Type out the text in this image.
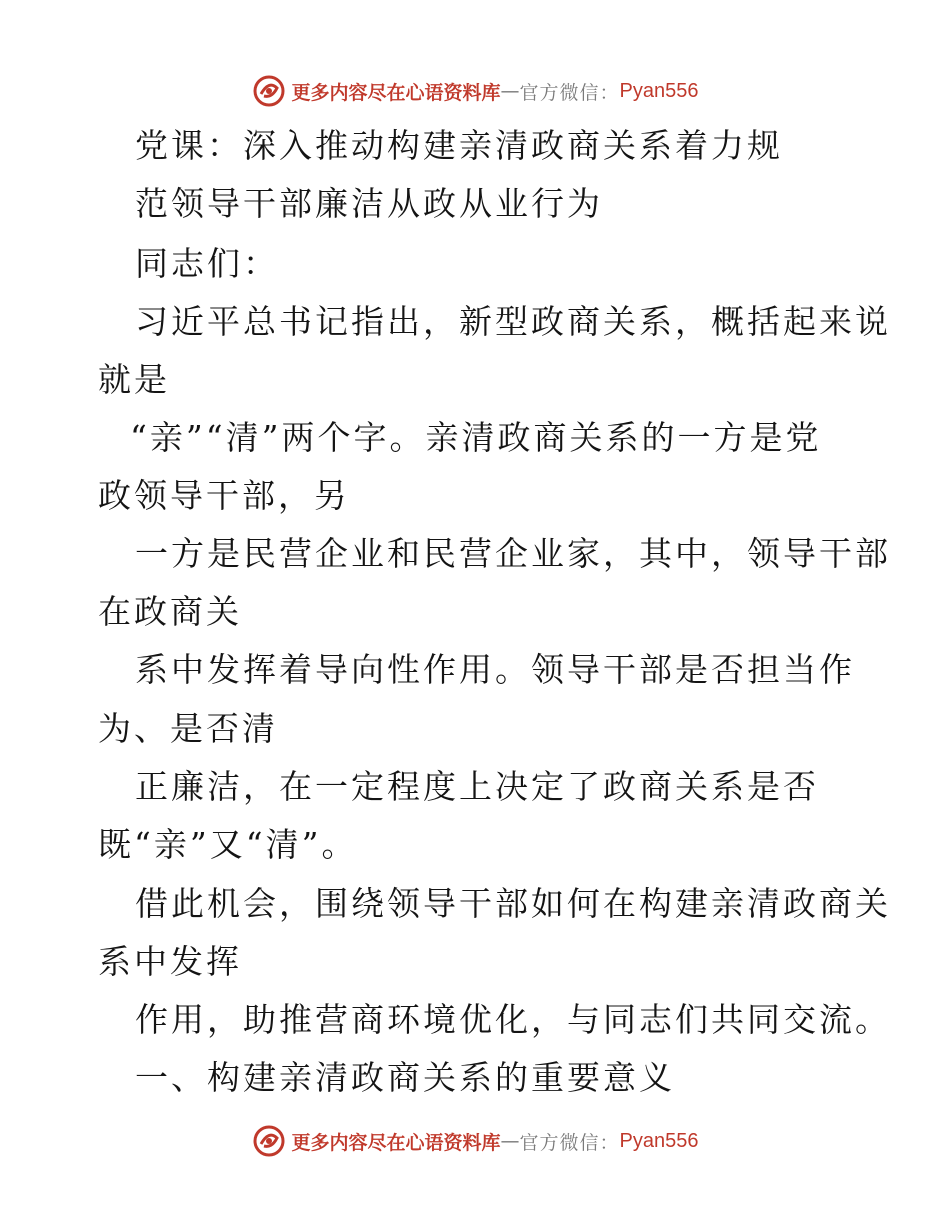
更多内容尽在心语资料库 — 官方微信： Pyan556
党课：深入推动构建亲清政商关系着力规
范领导干部廉洁从政从业行为
同志们：
习近平总书记指出，新型政商关系，概括起来说
就是
“亲”“清”两个字。亲清政商关系的一方是党
政领导干部，另
一方是民营企业和民营企业家，其中，领导干部
在政商关
系中发挥着导向性作用。领导干部是否担当作
为、是否清
正廉洁，在一定程度上决定了政商关系是否
既“亲”又“清”。
借此机会，围绕领导干部如何在构建亲清政商关
系中发挥
作用，助推营商环境优化，与同志们共同交流。
一、构建亲清政商关系的重要意义
更多内容尽在心语资料库 — 官方微信： Pyan556
